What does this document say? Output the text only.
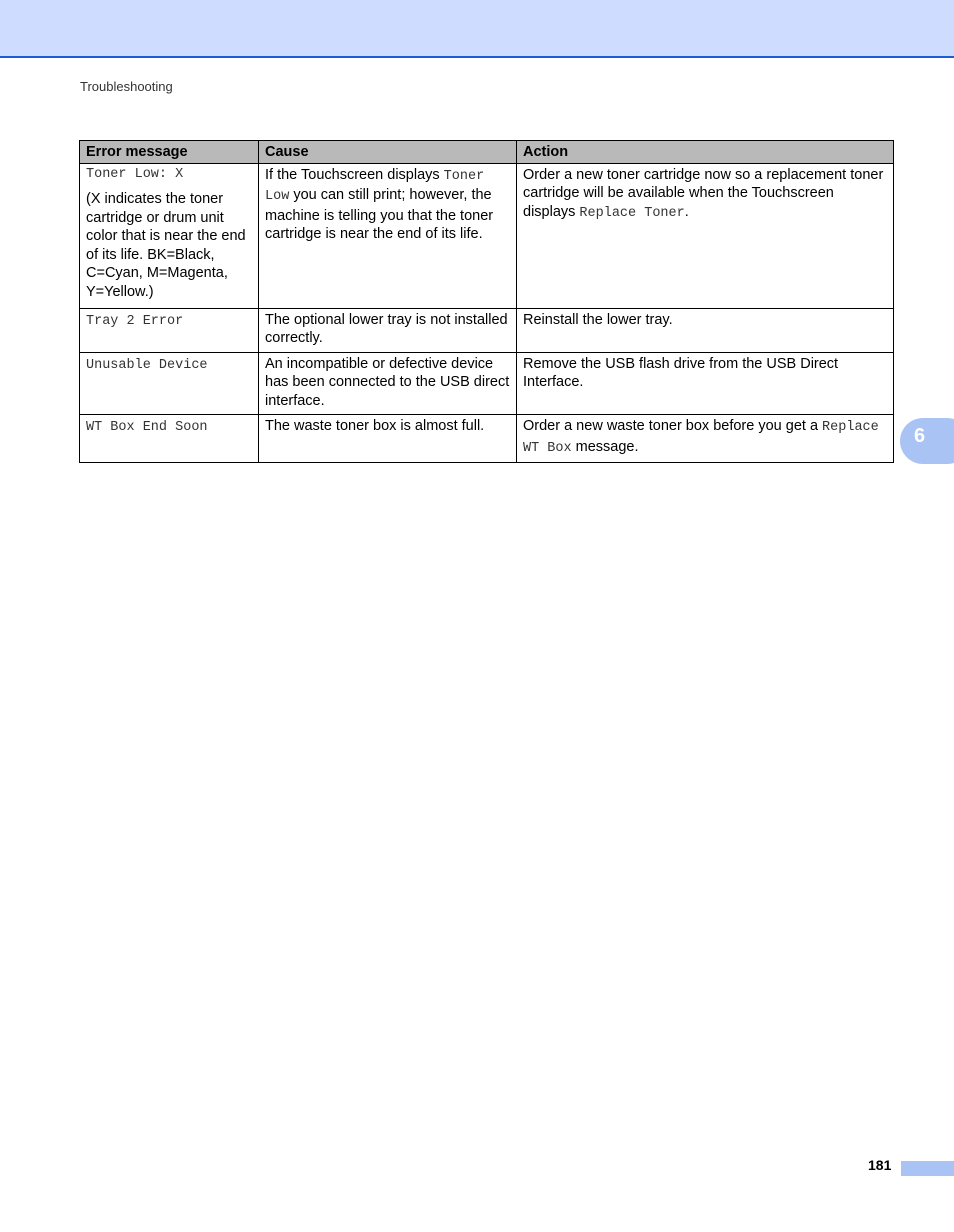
Troubleshooting
Error message	Cause	Action

Toner Low: X
(X indicates the toner cartridge or drum unit color that is near the end of its life. BK=Black, C=Cyan, M=Magenta, Y=Yellow.)	If the Touchscreen displays Toner Low you can still print; however, the machine is telling you that the toner cartridge is near the end of its life.	Order a new toner cartridge now so a replacement toner cartridge will be available when the Touchscreen displays Replace Toner.
Tray 2 Error	The optional lower tray is not installed correctly.	Reinstall the lower tray.
Unusable Device	An incompatible or defective device has been connected to the USB direct interface.	Remove the USB flash drive from the USB Direct Interface.
WT Box End Soon	The waste toner box is almost full.	Order a new waste toner box before you get a Replace WT Box message.	6
181
